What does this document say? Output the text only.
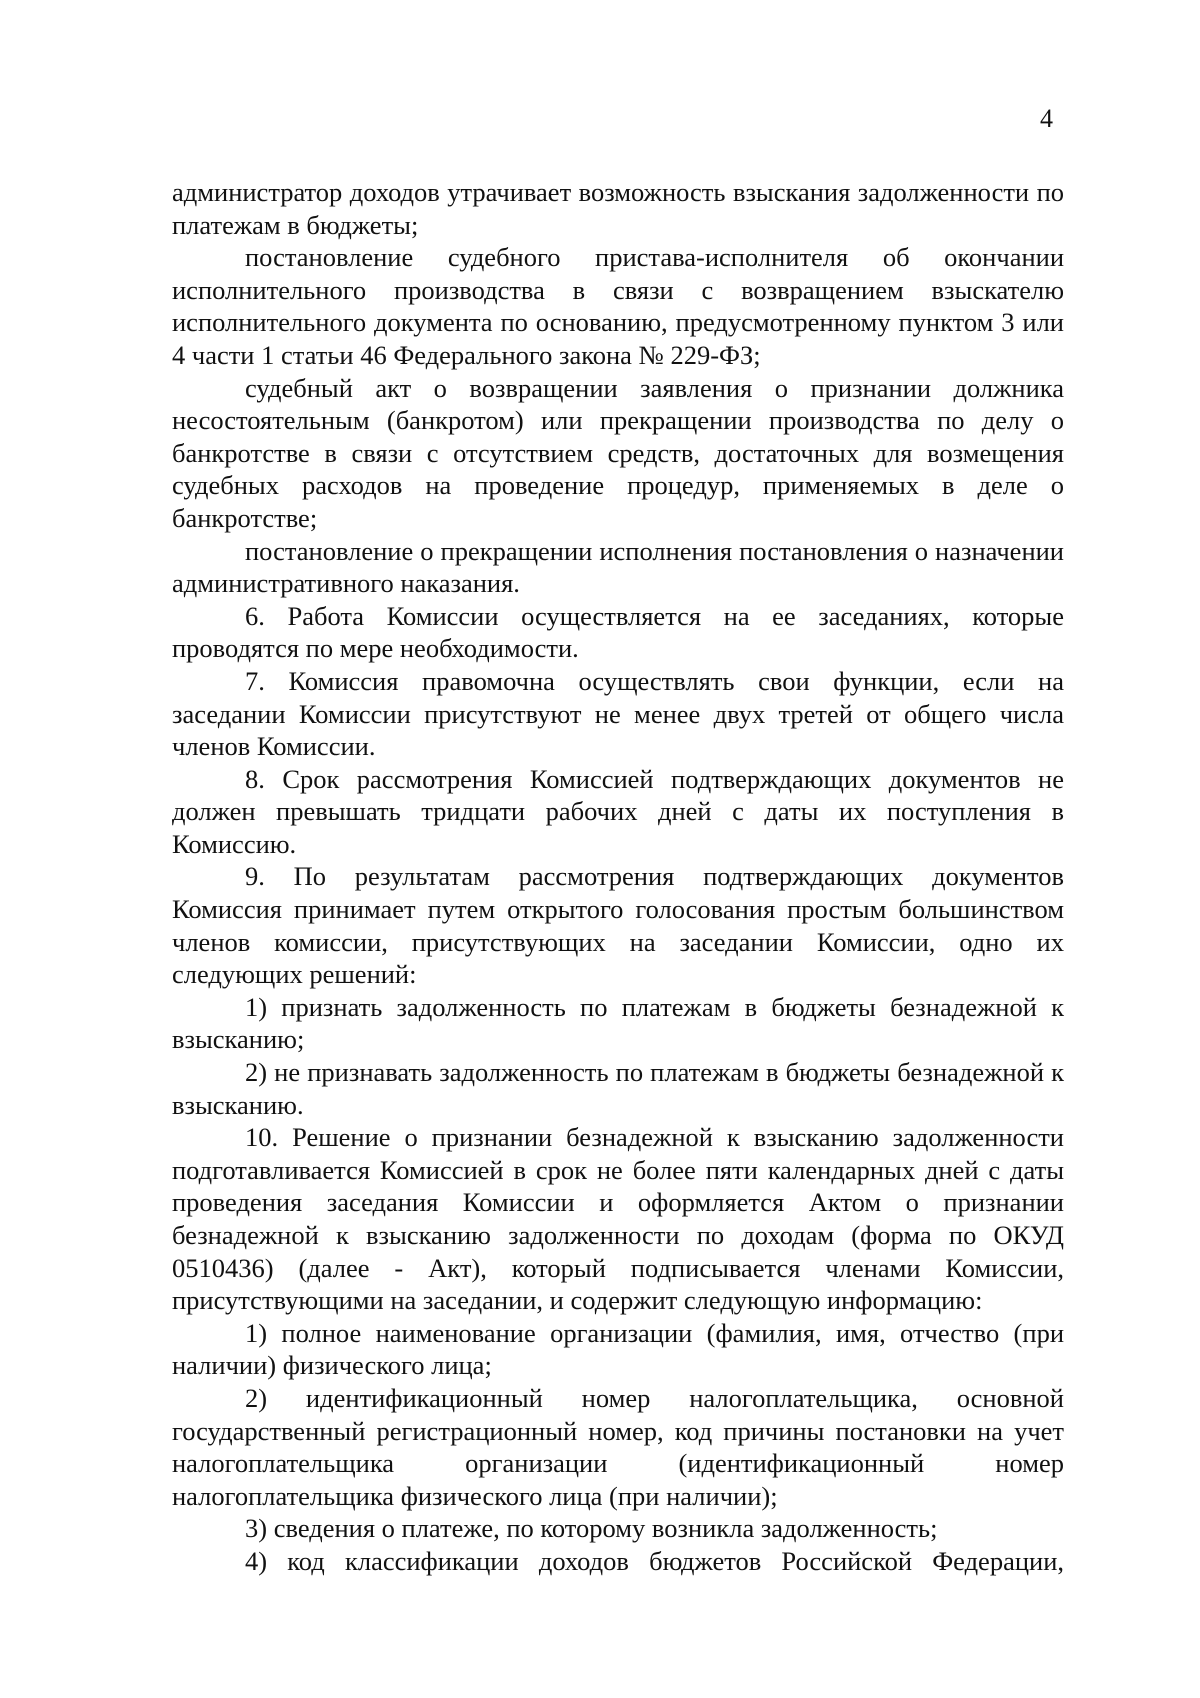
4

администратор доходов утрачивает возможность взыскания задолженности по платежам в бюджеты;

постановление судебного пристава-исполнителя об окончании исполнительного производства в связи с возвращением взыскателю исполнительного документа по основанию, предусмотренному пунктом 3 или 4 части 1 статьи 46 Федерального закона № 229-ФЗ;

судебный акт о возвращении заявления о признании должника несостоятельным (банкротом) или прекращении производства по делу о банкротстве в связи с отсутствием средств, достаточных для возмещения судебных расходов на проведение процедур, применяемых в деле о банкротстве;

постановление о прекращении исполнения постановления о назначении административного наказания.

6. Работа Комиссии осуществляется на ее заседаниях, которые проводятся по мере необходимости.

7. Комиссия правомочна осуществлять свои функции, если на заседании Комиссии присутствуют не менее двух третей от общего числа членов Комиссии.

8. Срок рассмотрения Комиссией подтверждающих документов не должен превышать тридцати рабочих дней с даты их поступления в Комиссию.

9. По результатам рассмотрения подтверждающих документов Комиссия принимает путем открытого голосования простым большинством членов комиссии, присутствующих на заседании Комиссии, одно их следующих решений:

1) признать задолженность по платежам в бюджеты безнадежной к взысканию;

2) не признавать задолженность по платежам в бюджеты безнадежной к взысканию.

10. Решение о признании безнадежной к взысканию задолженности подготавливается Комиссией в срок не более пяти календарных дней с даты проведения заседания Комиссии и оформляется Актом о признании безнадежной к взысканию задолженности по доходам (форма по ОКУД 0510436) (далее - Акт), который подписывается членами Комиссии, присутствующими на заседании, и содержит следующую информацию:

1) полное наименование организации (фамилия, имя, отчество (при наличии) физического лица;

2) идентификационный номер налогоплательщика, основной государственный регистрационный номер, код причины постановки на учет налогоплательщика организации (идентификационный номер налогоплательщика физического лица (при наличии);

3) сведения о платеже, по которому возникла задолженность;

4) код классификации доходов бюджетов Российской Федерации,
